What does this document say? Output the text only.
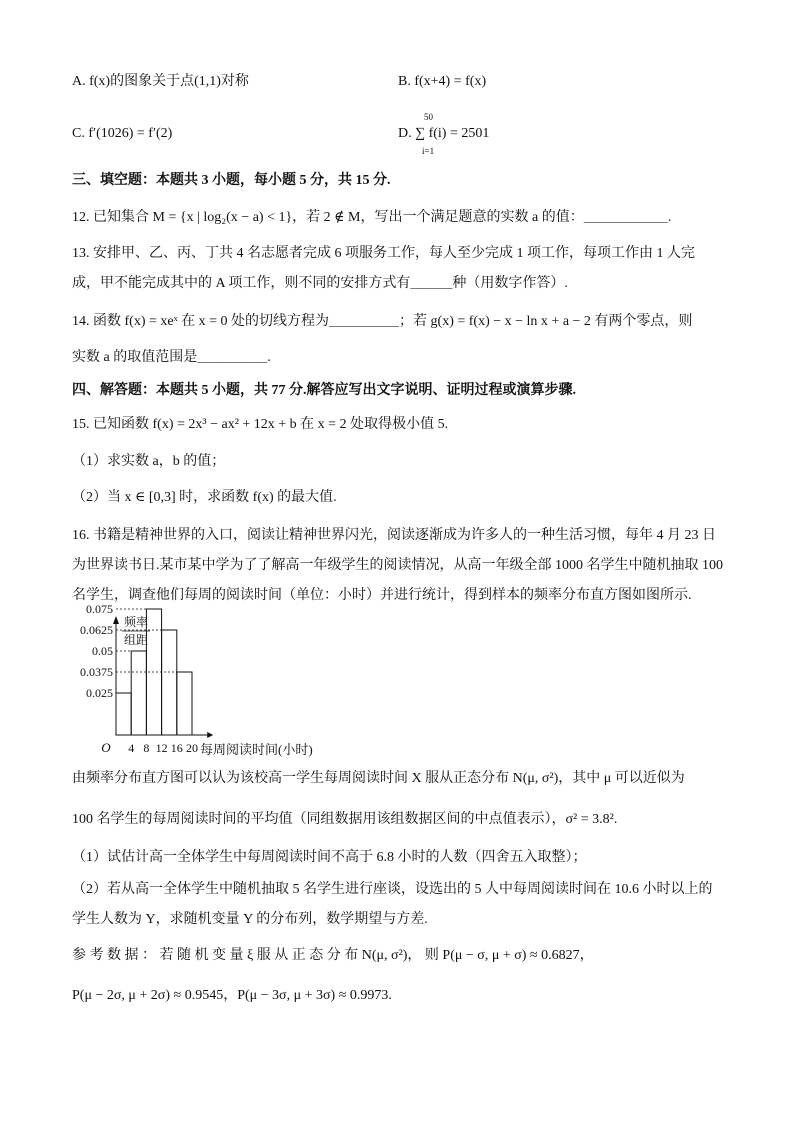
A. f(x)的图象关于点(1,1)对称	B. f(x+4) = f(x)
C. f′(1026) = f′(2)	D. ∑ f(i) = 2501
50
i=1
三、填空题：本题共 3 小题，每小题 5 分，共 15 分.
12. 已知集合 M = {x | log₂(x − a) < 1}，若 2 ∉ M，写出一个满足题意的实数 a 的值：＿＿＿＿＿＿.
13. 安排甲、乙、丙、丁共 4 名志愿者完成 6 项服务工作，每人至少完成 1 项工作，每项工作由 1 人完
成，甲不能完成其中的 A 项工作，则不同的安排方式有＿＿＿种（用数字作答）.
14. 函数 f(x) = xeˣ 在 x = 0 处的切线方程为＿＿＿＿＿；若 g(x) = f(x) − x − ln x + a − 2 有两个零点，则
实数 a 的取值范围是＿＿＿＿＿.
四、解答题：本题共 5 小题，共 77 分.解答应写出文字说明、证明过程或演算步骤.
15. 已知函数 f(x) = 2x³ − ax² + 12x + b 在 x = 2 处取得极小值 5.
（1）求实数 a，b 的值；
（2）当 x ∈ [0,3] 时，求函数 f(x) 的最大值.
16. 书籍是精神世界的入口，阅读让精神世界闪光，阅读逐渐成为许多人的一种生活习惯，每年 4 月 23 日
为世界读书日.某市某中学为了了解高一年级学生的阅读情况，从高一年级全部 1000 名学生中随机抽取 100
名学生，调查他们每周的阅读时间（单位：小时）并进行统计，得到样本的频率分布直方图如图所示.
0.075
0.0625
0.05
0.0375
0.025
4 8 12 16 20
O	每周阅读时间(小时)
频率
组距
由频率分布直方图可以认为该校高一学生每周阅读时间 X 服从正态分布 N(μ, σ²)，其中 μ 可以近似为
100 名学生的每周阅读时间的平均值（同组数据用该组数据区间的中点值表示），σ² = 3.8².
（1）试估计高一全体学生中每周阅读时间不高于 6.8 小时的人数（四舍五入取整）；
（2）若从高一全体学生中随机抽取 5 名学生进行座谈，设选出的 5 人中每周阅读时间在 10.6 小时以上的
学生人数为 Y，求随机变量 Y 的分布列，数学期望与方差.
参 考 数 据 ： 若 随 机 变 量 ξ 服 从 正 态 分 布 N(μ, σ²)， 则 P(μ − σ, μ + σ) ≈ 0.6827，
P(μ − 2σ, μ + 2σ) ≈ 0.9545，P(μ − 3σ, μ + 3σ) ≈ 0.9973.
